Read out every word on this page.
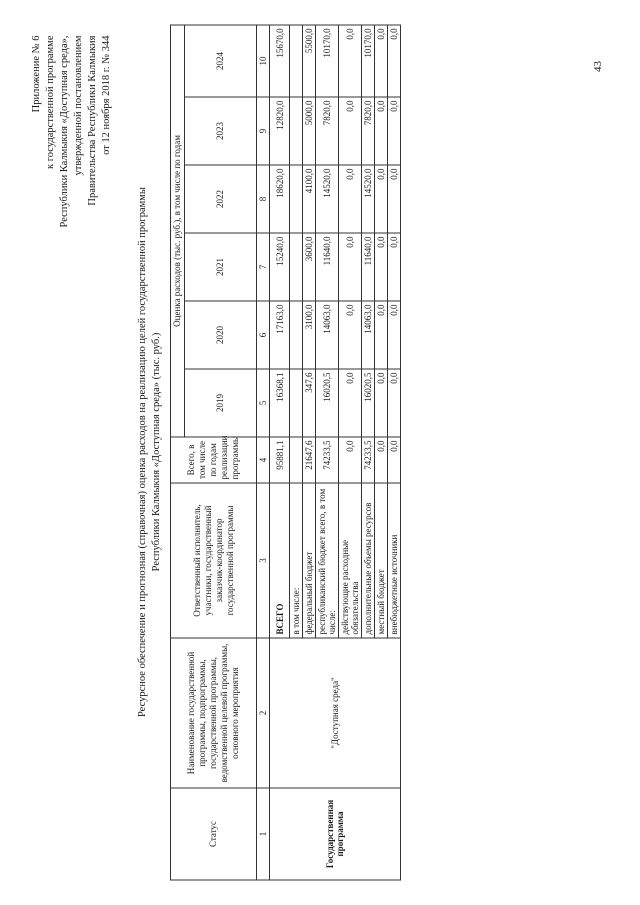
Приложение № 6 к государственной программе Республики Калмыкия «Доступная среда», утвержденной постановлением Правительства Республики Калмыкия от 12 ноября 2018 г. № 344
Ресурсное обеспечение и прогнозная (справочная) оценка расходов на реализацию целей государственной программы Республики Калмыкия «Доступная среда» (тыс. руб.)
Статус	Наименование государственной программы, подпрограммы, государственной программы, ведомственной целевой программы, основного мероприятия	Ответственный исполнитель, участники, государственный заказчик-координатор государственной программы	Всего, в том числе по годам реализации программы	Оценка расходов (тыс. руб.), в том числе по годам					
				2019	2020	2021	2022	2023	2024
1	2	3	4	5	6	7	8	9	10
Государственная программа	"Доступная среда"	ВСЕГО	95881,1	16368,1	17163,0	15240,0	18620,0	12820,0	15670,0
		в том числе:							
		федеральный бюджет	21647,6	347,6	3100,0	3600,0	4100,0	5000,0	5500,0
		республиканский бюджет всего, в том числе:	74233,5	16020,5	14063,0	11640,0	14520,0	7820,0	10170,0
		действующие расходные обязательства	0,0	0,0	0,0	0,0	0,0	0,0	0,0
		дополнительные объемы ресурсов	74233,5	16020,5	14063,0	11640,0	14520,0	7820,0	10170,0
		местный бюджет	0,0	0,0	0,0	0,0	0,0	0,0	0,0
		внебюджетные источники	0,0	0,0	0,0	0,0	0,0	0,0	0,0
43
